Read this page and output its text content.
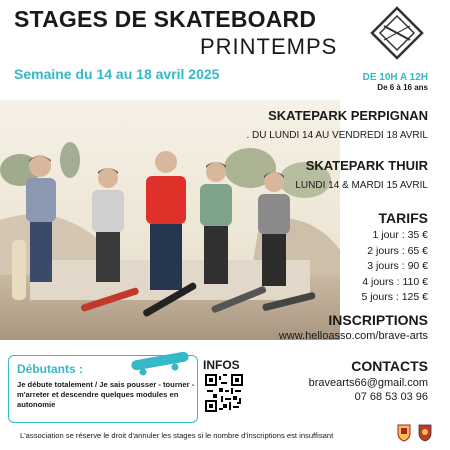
STAGES DE SKATEBOARD
PRINTEMPS
Semaine du 14 au 18 avril 2025	DE 10H A 12H
De 6 à 16 ans
SKATEPARK PERPIGNAN
. DU LUNDI 14 AU VENDREDI 18 AVRIL
SKATEPARK THUIR
LUNDI 14 & MARDI 15 AVRIL
TARIFS
1 jour : 35 €
2 jours : 65 €
3 jours : 90 €
4 jours : 110 €
5 jours : 125 €
INSCRIPTIONS
www.helloasso.com/brave-arts
Débutants :
Je débute totalement / Je sais pousser - tourner -m'arreter et descendre quelques modules en autonomie
INFOS	CONTACTS
bravearts66@gmail.com
07 68 53 03 96
L'association se réserve le droit d'annuler les stages si le nombre d'inscriptions est insuffisant
